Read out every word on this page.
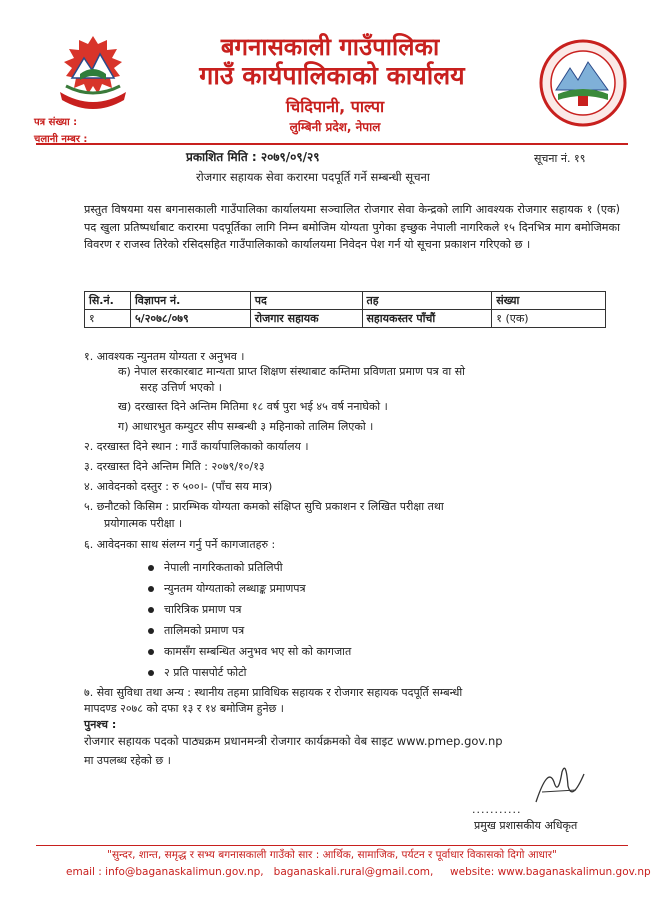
बगनासकाली गाउँपालिका
गाउँ कार्यपालिकाको कार्यालय
चिदिपानी, पाल्पा
लुम्बिनी प्रदेश, नेपाल
पत्र संख्या :
चलानी नम्बर :
प्रकाशित मिति : २०७९/०९/२९	सूचना नं. १९
रोजगार सहायक सेवा करारमा पदपूर्ति गर्ने सम्बन्धी सूचना
प्रस्तुत विषयमा यस बगनासकाली गाउँपालिका कार्यालयमा सञ्चालित रोजगार सेवा केन्द्रको लागि आवश्यक रोजगार सहायक १ (एक) पद खुला प्रतिष्पर्धाबाट करारमा पदपूर्तिका लागि निम्न बमोजिम योग्यता पुगेका इच्छुक नेपाली नागरिकले १५ दिनभित्र माग बमोजिमका विवरण र राजस्व तिरेको रसिदसहित गाउँपालिकाको कार्यालयमा निवेदन पेश गर्न यो सूचना प्रकाशन गरिएको छ ।
सि.नं.	विज्ञापन नं.	पद	तह	संख्या
१	५/२०७८/०७९	रोजगार सहायक	सहायकस्तर पाँचौं	१ (एक)
१. आवश्यक न्युनतम योग्यता र अनुभव ।
क) नेपाल सरकारबाट मान्यता प्राप्त शिक्षण संस्थाबाट कम्तिमा प्रविणता प्रमाण पत्र वा सो
सरह उत्तिर्ण भएको ।
ख) दरखास्त दिने अन्तिम मितिमा १८ वर्ष पुरा भई ४५ वर्ष ननाघेको ।
ग) आधारभुत कम्युटर सीप सम्बन्धी ३ महिनाको तालिम लिएको ।
२. दरखास्त दिने स्थान : गाउँ कार्यापालिकाको कार्यालय ।
३. दरखास्त दिने अन्तिम मिति : २०७९/१०/१३
४. आवेदनको दस्तुर : रु ५००।- (पाँच सय मात्र)
५. छनौटको किसिम : प्रारम्भिक योग्यता कमको संक्षिप्त सुचि प्रकाशन र लिखित परीक्षा तथा
प्रयोगात्मक परीक्षा ।
६. आवेदनका साथ संलग्न गर्नु पर्ने कागजातहरु :
नेपाली नागरिकताको प्रतिलिपी
न्युनतम योग्यताको लब्धाङ्क प्रमाणपत्र
चारित्रिक प्रमाण पत्र
तालिमको प्रमाण पत्र
कामसँग सम्बन्धित अनुभव भए सो को कागजात
२ प्रति पासपोर्ट फोटो
७. सेवा सुविधा तथा अन्य : स्थानीय तहमा प्राविधिक सहायक र रोजगार सहायक पदपूर्ति सम्बन्धी
मापदण्ड २०७८ को दफा १३ र १४ बमोजिम हुनेछ ।
पुनश्च :
रोजगार सहायक पदको पाठ्यक्रम प्रधानमन्त्री रोजगार कार्यक्रमको वेब साइट www.pmep.gov.np
मा उपलब्ध रहेको छ ।
...........
प्रमुख प्रशासकीय अधिकृत
"सुन्दर, शान्त, समृद्ध र सभ्य बगनासकाली गाउँको सार : आर्थिक, सामाजिक, पर्यटन र पूर्वाधार विकासको दिगो आधार"
email : info@baganaskalimun.gov.np, baganaskali.rural@gmail.com, website: www.baganaskalimun.gov.np
